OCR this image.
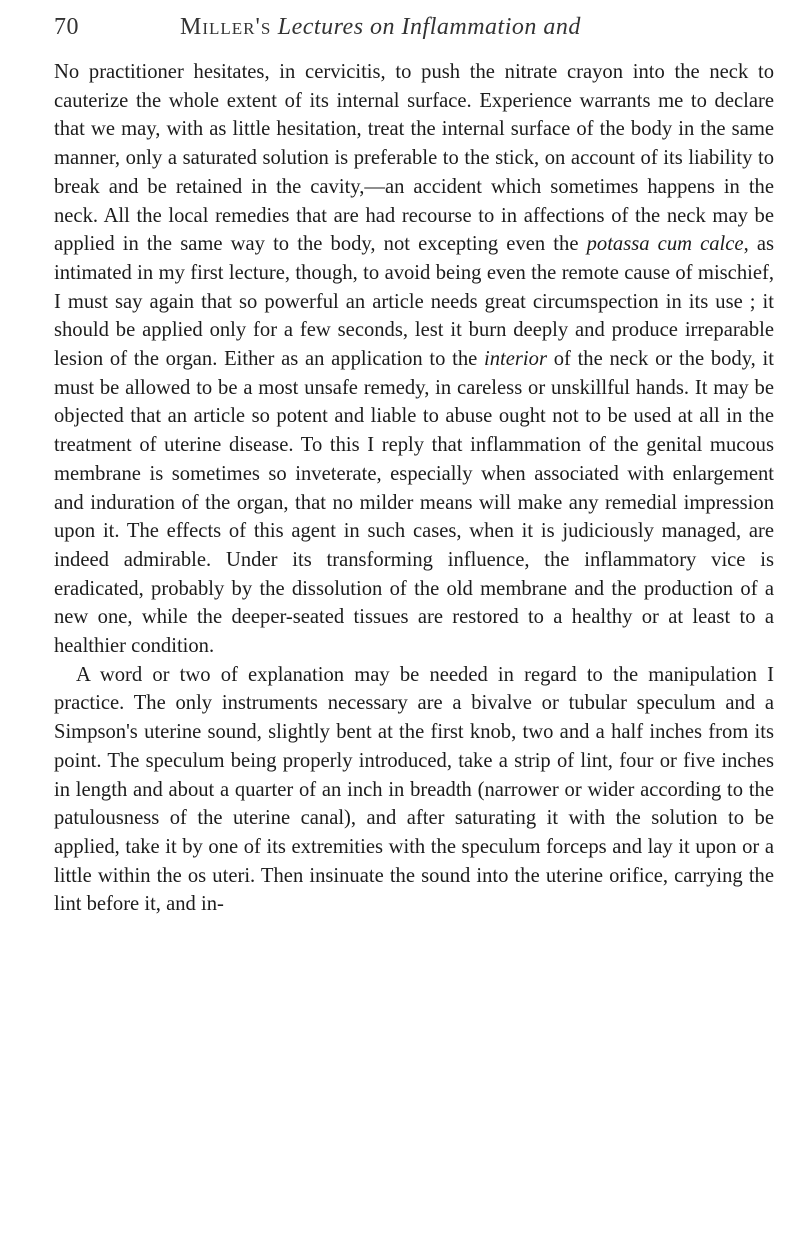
70	Miller's Lectures on Inflammation and

No practitioner hesitates, in cervicitis, to push the nitrate crayon into the neck to cauterize the whole extent of its internal surface. Experience warrants me to declare that we may, with as little hesitation, treat the internal surface of the body in the same manner, only a saturated solution is preferable to the stick, on account of its liability to break and be retained in the cavity,—an accident which sometimes happens in the neck. All the local remedies that are had recourse to in affections of the neck may be applied in the same way to the body, not excepting even the potassa cum calce, as intimated in my first lecture, though, to avoid being even the remote cause of mischief, I must say again that so powerful an article needs great circumspection in its use ; it should be applied only for a few seconds, lest it burn deeply and produce irreparable lesion of the organ. Either as an application to the interior of the neck or the body, it must be allowed to be a most unsafe remedy, in careless or unskillful hands. It may be objected that an article so potent and liable to abuse ought not to be used at all in the treatment of uterine disease. To this I reply that inflammation of the genital mucous membrane is sometimes so inveterate, especially when associated with enlargement and induration of the organ, that no milder means will make any remedial impression upon it. The effects of this agent in such cases, when it is judiciously managed, are indeed admirable. Under its transforming influence, the inflammatory vice is eradicated, probably by the dissolution of the old membrane and the production of a new one, while the deeper-seated tissues are restored to a healthy or at least to a healthier condition.

A word or two of explanation may be needed in regard to the manipulation I practice. The only instruments necessary are a bivalve or tubular speculum and a Simpson's uterine sound, slightly bent at the first knob, two and a half inches from its point. The speculum being properly introduced, take a strip of lint, four or five inches in length and about a quarter of an inch in breadth (narrower or wider according to the patulousness of the uterine canal), and after saturating it with the solution to be applied, take it by one of its extremities with the speculum forceps and lay it upon or a little within the os uteri. Then insinuate the sound into the uterine orifice, carrying the lint before it, and in-
